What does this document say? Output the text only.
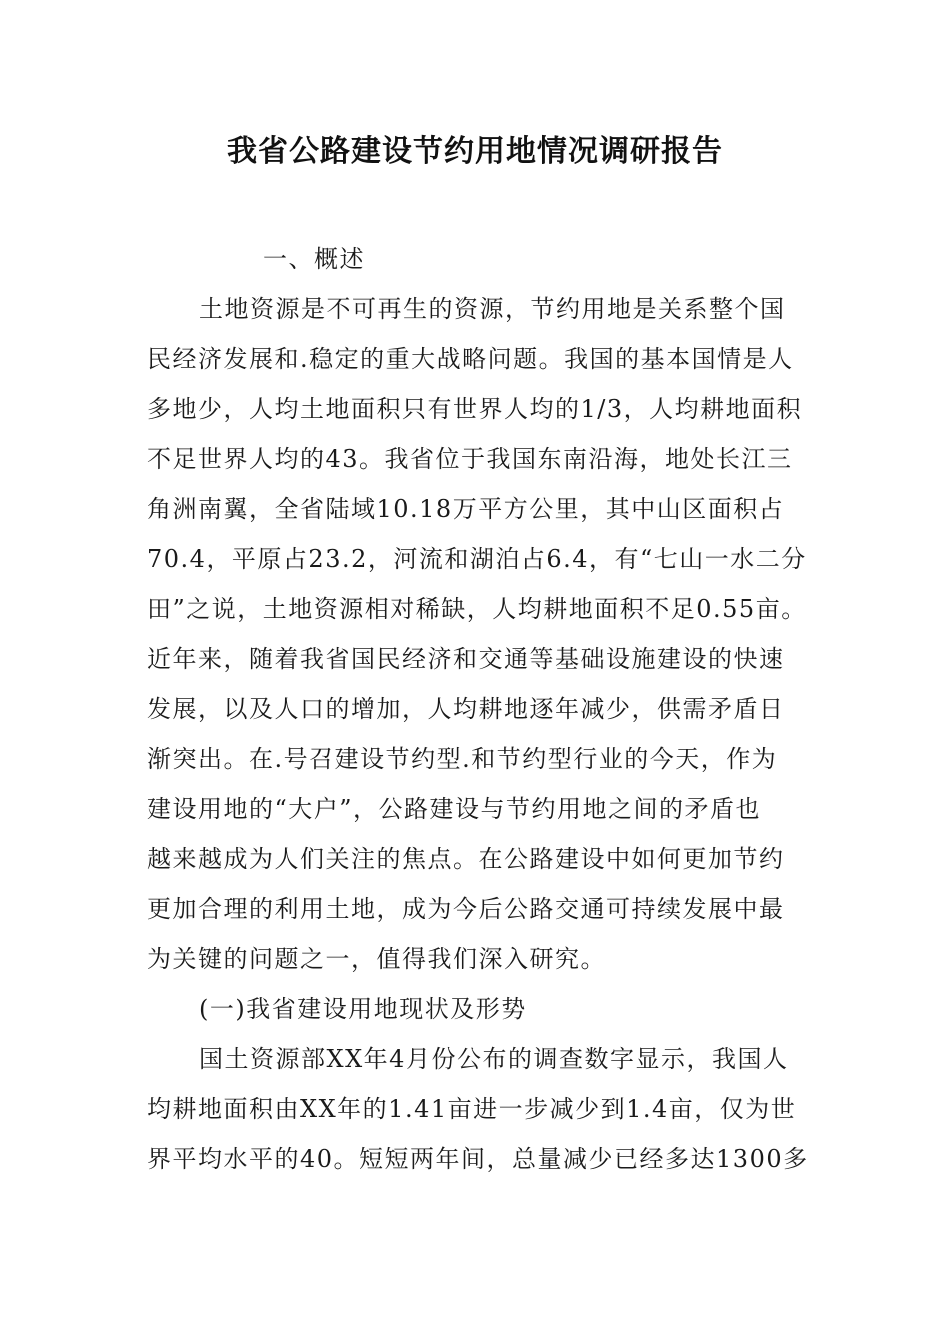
我省公路建设节约用地情况调研报告
一、概述
土地资源是不可再生的资源，节约用地是关系整个国
民经济发展和.稳定的重大战略问题。我国的基本国情是人
多地少，人均土地面积只有世界人均的1/3，人均耕地面积
不足世界人均的43。我省位于我国东南沿海，地处长江三
角洲南翼，全省陆域10.18万平方公里，其中山区面积占
70.4，平原占23.2，河流和湖泊占6.4，有“七山一水二分
田”之说，土地资源相对稀缺，人均耕地面积不足0.55亩。
近年来，随着我省国民经济和交通等基础设施建设的快速
发展，以及人口的增加，人均耕地逐年减少，供需矛盾日
渐突出。在.号召建设节约型.和节约型行业的今天，作为
建设用地的“大户”，公路建设与节约用地之间的矛盾也
越来越成为人们关注的焦点。在公路建设中如何更加节约
更加合理的利用土地，成为今后公路交通可持续发展中最
为关键的问题之一，值得我们深入研究。
(一)我省建设用地现状及形势
国土资源部XX年4月份公布的调查数字显示，我国人
均耕地面积由XX年的1.41亩进一步减少到1.4亩，仅为世
界平均水平的40。短短两年间，总量减少已经多达1300多
